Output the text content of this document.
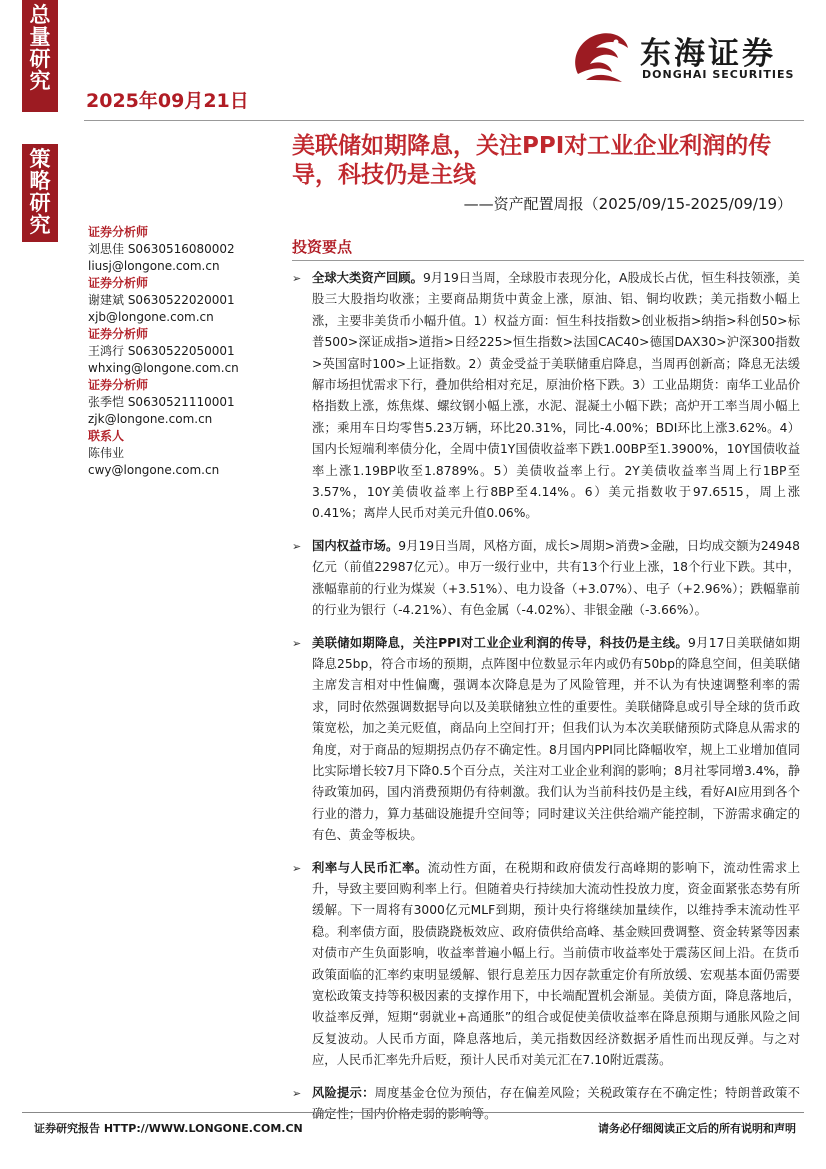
总
量
研
究
策
略
研
究
2025年09月21日
东海证券
DONGHAI SECURITIES
美联储如期降息，关注PPI对工业企业利润的传导，科技仍是主线
——资产配置周报（2025/09/15-2025/09/19）
证券分析师
刘思佳 S0630516080002
liusj@longone.com.cn
证券分析师
谢建斌 S0630522020001
xjb@longone.com.cn
证券分析师
王鸿行 S0630522050001
whxing@longone.com.cn
证券分析师
张季恺 S0630521110001
zjk@longone.com.cn
联系人
陈伟业
cwy@longone.com.cn
投资要点
➢ 全球大类资产回顾。9月19日当周，全球股市表现分化，A股成长占优，恒生科技领涨，美股三大股指均收涨；主要商品期货中黄金上涨，原油、铝、铜均收跌；美元指数小幅上涨，主要非美货币小幅升值。1）权益方面：恒生科技指数>创业板指>纳指>科创50>标普500>深证成指>道指>日经225>恒生指数>法国CAC40>德国DAX30>沪深300指数>英国富时100>上证指数。2）黄金受益于美联储重启降息，当周再创新高；降息无法缓解市场担忧需求下行，叠加供给相对充足，原油价格下跌。3）工业品期货：南华工业品价格指数上涨，炼焦煤、螺纹钢小幅上涨，水泥、混凝土小幅下跌；高炉开工率当周小幅上涨；乘用车日均零售5.23万辆，环比20.31%，同比-4.00%；BDI环比上涨3.62%。4）国内长短端利率债分化，全周中债1Y国债收益率下跌1.00BP至1.3900%，10Y国债收益率上涨1.19BP收至1.8789%。5）美债收益率上行。2Y美债收益率当周上行1BP至3.57%，10Y美债收益率上行8BP至4.14%。6）美元指数收于97.6515，周上涨0.41%；离岸人民币对美元升值0.06%。
➢ 国内权益市场。9月19日当周，风格方面，成长>周期>消费>金融，日均成交额为24948亿元（前值22987亿元）。申万一级行业中，共有13个行业上涨，18个行业下跌。其中，涨幅靠前的行业为煤炭（+3.51%）、电力设备（+3.07%）、电子（+2.96%）；跌幅靠前的行业为银行（-4.21%）、有色金属（-4.02%）、非银金融（-3.66%）。
➢ 美联储如期降息，关注PPI对工业企业利润的传导，科技仍是主线。9月17日美联储如期降息25bp，符合市场的预期，点阵图中位数显示年内或仍有50bp的降息空间，但美联储主席发言相对中性偏鹰，强调本次降息是为了风险管理，并不认为有快速调整利率的需求，同时依然强调数据导向以及美联储独立性的重要性。美联储降息或引导全球的货币政策宽松，加之美元贬值，商品向上空间打开；但我们认为本次美联储预防式降息从需求的角度，对于商品的短期拐点仍存不确定性。8月国内PPI同比降幅收窄，规上工业增加值同比实际增长较7月下降0.5个百分点，关注对工业企业利润的影响；8月社零同增3.4%，静待政策加码，国内消费预期仍有待刺激。我们认为当前科技仍是主线，看好AI应用到各个行业的潜力，算力基础设施提升空间等；同时建议关注供给端产能控制，下游需求确定的有色、黄金等板块。
➢ 利率与人民币汇率。流动性方面，在税期和政府债发行高峰期的影响下，流动性需求上升，导致主要回购利率上行。但随着央行持续加大流动性投放力度，资金面紧张态势有所缓解。下一周将有3000亿元MLF到期，预计央行将继续加量续作，以维持季末流动性平稳。利率债方面，股债跷跷板效应、政府债供给高峰、基金赎回费调整、资金转紧等因素对债市产生负面影响，收益率普遍小幅上行。当前债市收益率处于震荡区间上沿。在货币政策面临的汇率约束明显缓解、银行息差压力因存款重定价有所放缓、宏观基本面仍需要宽松政策支持等积极因素的支撑作用下，中长端配置机会渐显。美债方面，降息落地后，收益率反弹，短期“弱就业+高通胀”的组合或促使美债收益率在降息预期与通胀风险之间反复波动。人民币方面，降息落地后，美元指数因经济数据矛盾性而出现反弹。与之对应，人民币汇率先升后贬，预计人民币对美元汇在7.10附近震荡。
➢ 风险提示：周度基金仓位为预估，存在偏差风险；关税政策存在不确定性；特朗普政策不确定性；国内价格走弱的影响等。
证券研究报告 HTTP://WWW.LONGONE.COM.CN	请务必仔细阅读正文后的所有说明和声明
